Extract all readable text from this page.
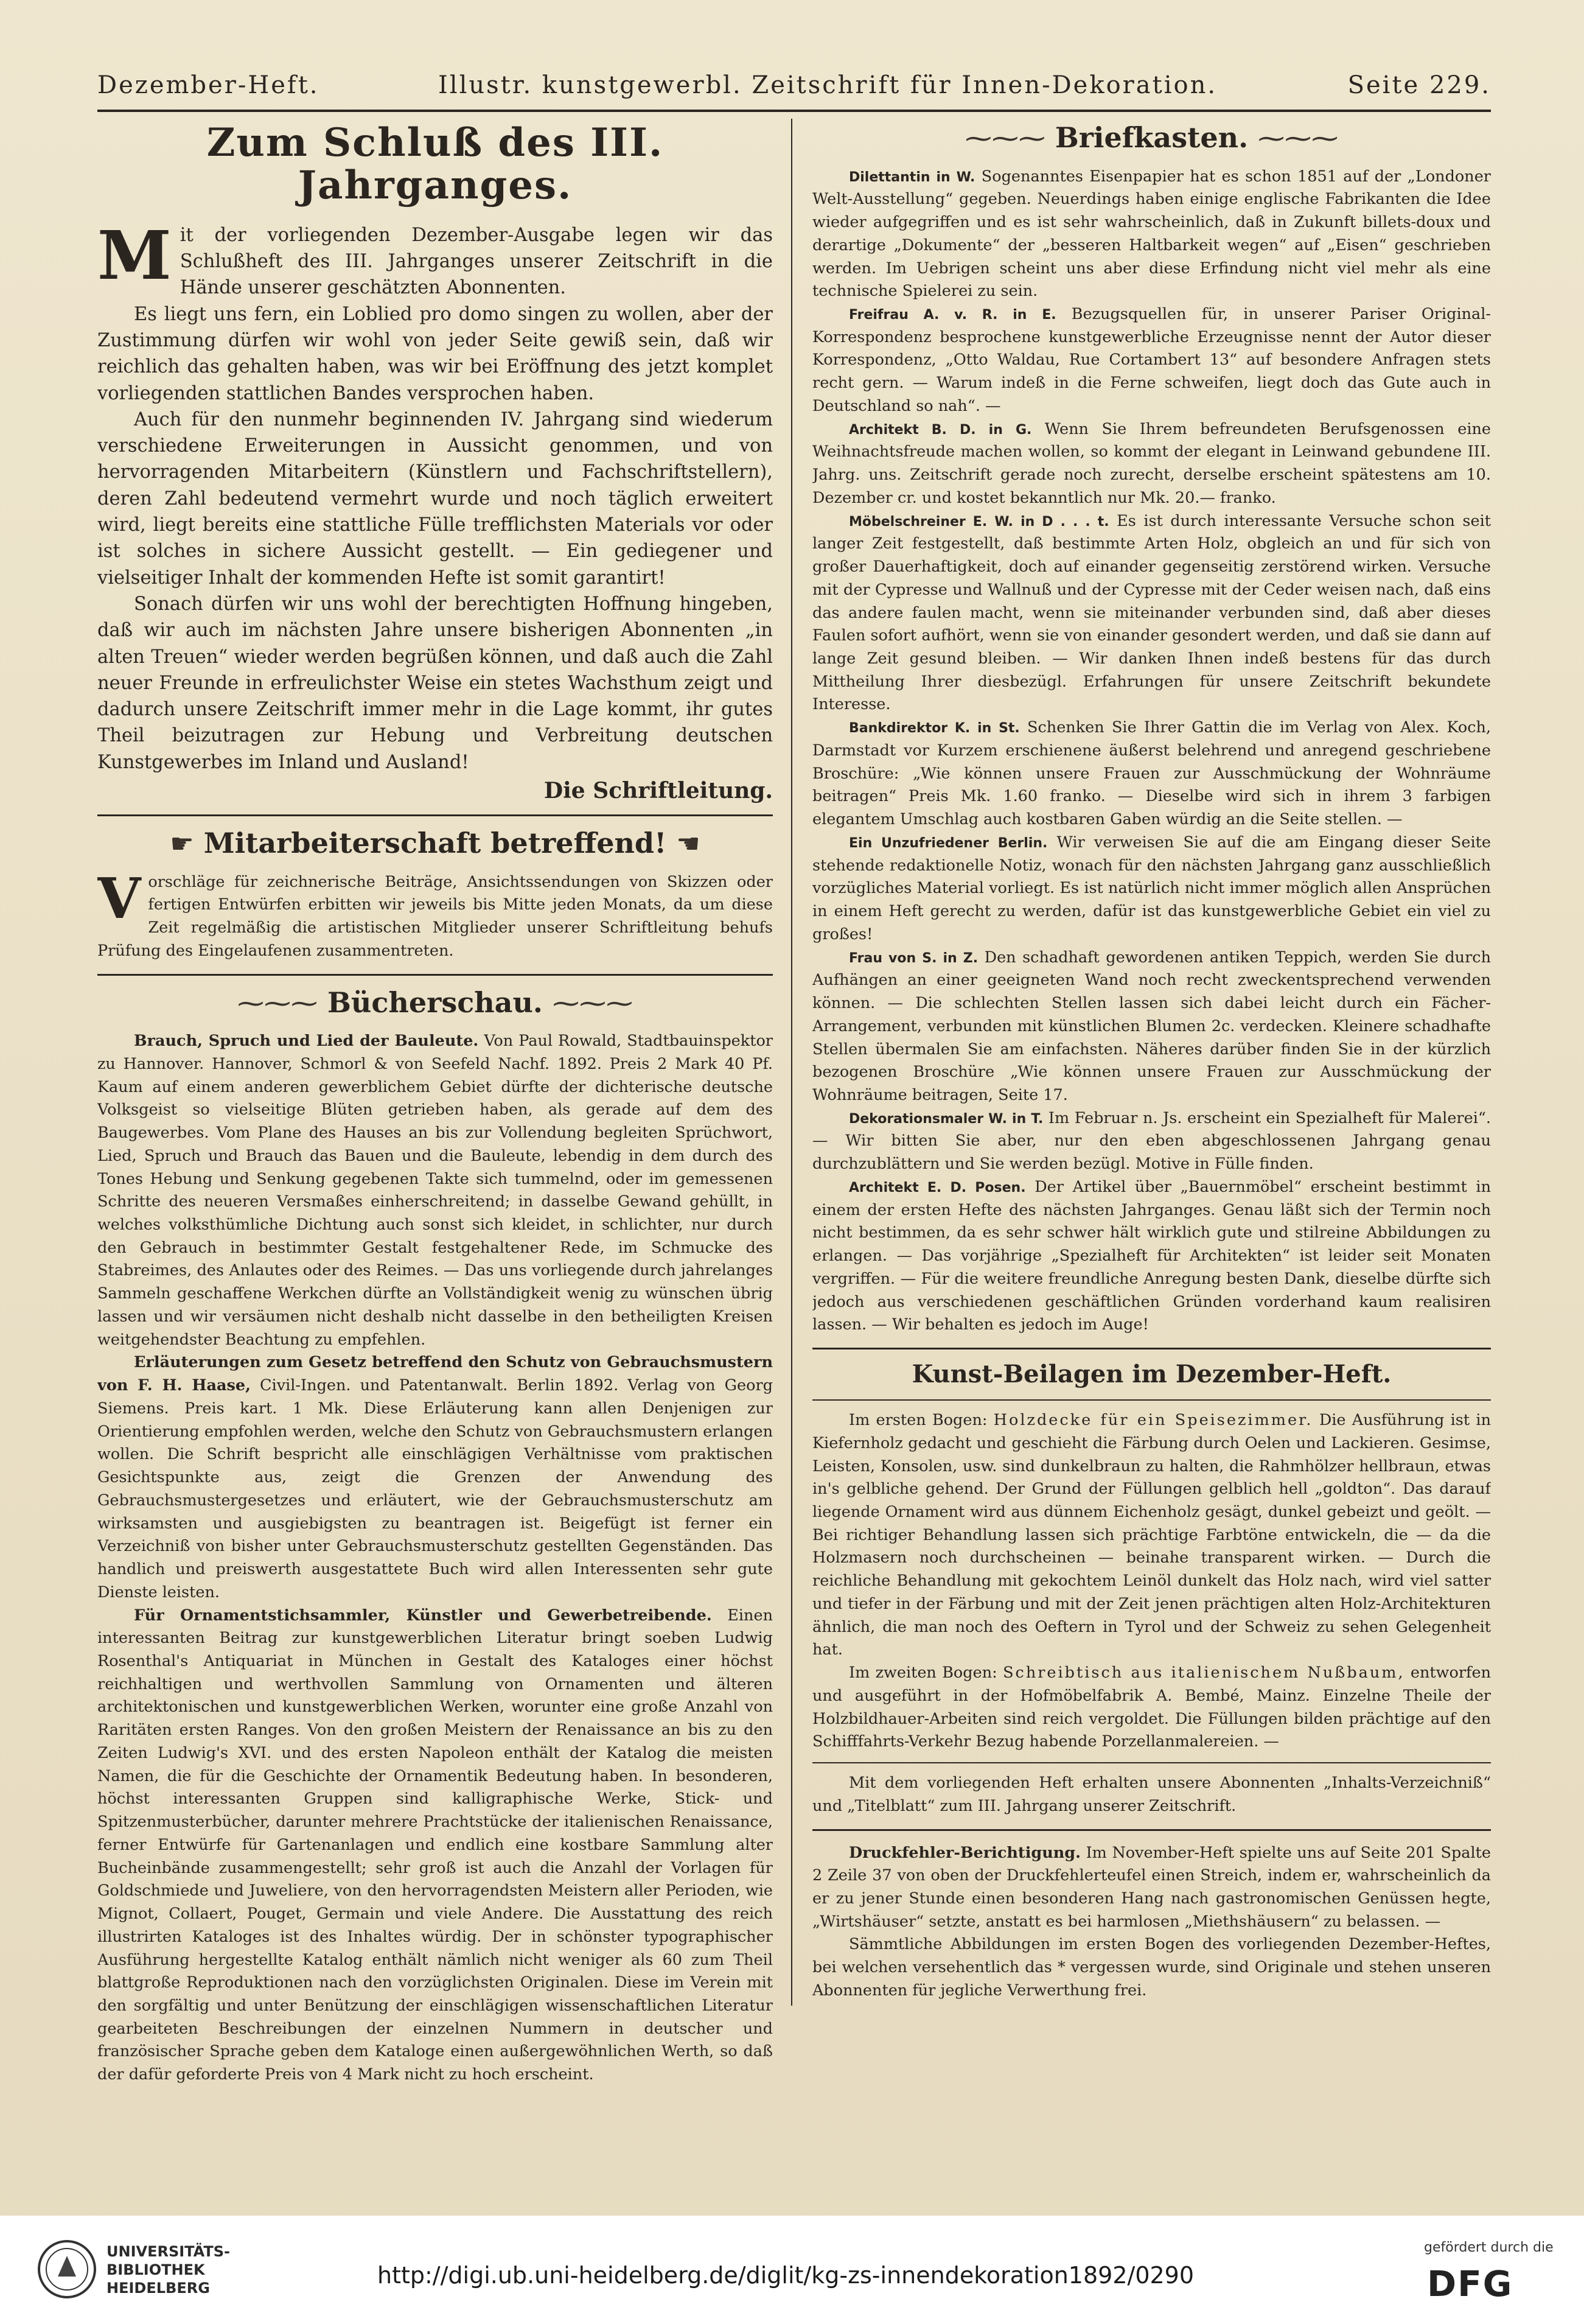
Dezember-Heft.	Illustr. kunstgewerbl. Zeitschrift für Innen-Dekoration.	Seite 229.
Zum Schluß des III. Jahrganges.

Mit der vorliegenden Dezember-Ausgabe legen wir das Schlußheft des III. Jahrganges unserer Zeitschrift in die Hände unserer geschätzten Abonnenten.

Es liegt uns fern, ein Loblied pro domo singen zu wollen, aber der Zustimmung dürfen wir wohl von jeder Seite gewiß sein, daß wir reichlich das gehalten haben, was wir bei Eröffnung des jetzt komplet vorliegenden stattlichen Bandes versprochen haben.

Auch für den nunmehr beginnenden IV. Jahrgang sind wiederum verschiedene Erweiterungen in Aussicht genommen, und von hervorragenden Mitarbeitern (Künstlern und Fachschriftstellern), deren Zahl bedeutend vermehrt wurde und noch täglich erweitert wird, liegt bereits eine stattliche Fülle trefflichsten Materials vor oder ist solches in sichere Aussicht gestellt. — Ein gediegener und vielseitiger Inhalt der kommenden Hefte ist somit garantirt!

Sonach dürfen wir uns wohl der berechtigten Hoffnung hingeben, daß wir auch im nächsten Jahre unsere bisherigen Abonnenten „in alten Treuen“ wieder werden begrüßen können, und daß auch die Zahl neuer Freunde in erfreulichster Weise ein stetes Wachsthum zeigt und dadurch unsere Zeitschrift immer mehr in die Lage kommt, ihr gutes Theil beizutragen zur Hebung und Verbreitung deutschen Kunstgewerbes im Inland und Ausland!

Die Schriftleitung.
☛ Mitarbeiterschaft betreffend! ☚

Vorschläge für zeichnerische Beiträge, Ansichtssendungen von Skizzen oder fertigen Entwürfen erbitten wir jeweils bis Mitte jeden Monats, da um diese Zeit regelmäßig die artistischen Mitglieder unserer Schriftleitung behufs Prüfung des Eingelaufenen zusammentreten.

⁓⁓⁓ Bücherschau. ⁓⁓⁓

Brauch, Spruch und Lied der Bauleute. Von Paul Rowald, Stadtbauinspektor zu Hannover. Hannover, Schmorl & von Seefeld Nachf. 1892. Preis 2 Mark 40 Pf. Kaum auf einem anderen gewerblichem Gebiet dürfte der dichterische deutsche Volksgeist so vielseitige Blüten getrieben haben, als gerade auf dem des Baugewerbes. Vom Plane des Hauses an bis zur Vollendung begleiten Sprüchwort, Lied, Spruch und Brauch das Bauen und die Bauleute, lebendig in dem durch des Tones Hebung und Senkung gegebenen Takte sich tummelnd, oder im gemessenen Schritte des neueren Versmaßes einherschreitend; in dasselbe Gewand gehüllt, in welches volksthümliche Dichtung auch sonst sich kleidet, in schlichter, nur durch den Gebrauch in bestimmter Gestalt festgehaltener Rede, im Schmucke des Stabreimes, des Anlautes oder des Reimes. — Das uns vorliegende durch jahrelanges Sammeln geschaffene Werkchen dürfte an Vollständigkeit wenig zu wünschen übrig lassen und wir versäumen nicht deshalb nicht dasselbe in den betheiligten Kreisen weitgehendster Beachtung zu empfehlen.

Erläuterungen zum Gesetz betreffend den Schutz von Gebrauchsmustern von F. H. Haase, Civil-Ingen. und Patentanwalt. Berlin 1892. Verlag von Georg Siemens. Preis kart. 1 Mk. Diese Erläuterung kann allen Denjenigen zur Orientierung empfohlen werden, welche den Schutz von Gebrauchsmustern erlangen wollen. Die Schrift bespricht alle einschlägigen Verhältnisse vom praktischen Gesichtspunkte aus, zeigt die Grenzen der Anwendung des Gebrauchsmustergesetzes und erläutert, wie der Gebrauchsmusterschutz am wirksamsten und ausgiebigsten zu beantragen ist. Beigefügt ist ferner ein Verzeichniß von bisher unter Gebrauchsmusterschutz gestellten Gegenständen. Das handlich und preiswerth ausgestattete Buch wird allen Interessenten sehr gute Dienste leisten.

Für Ornamentstichsammler, Künstler und Gewerbetreibende. Einen interessanten Beitrag zur kunstgewerblichen Literatur bringt soeben Ludwig Rosenthal's Antiquariat in München in Gestalt des Kataloges einer höchst reichhaltigen und werthvollen Sammlung von Ornamenten und älteren architektonischen und kunstgewerblichen Werken, worunter eine große Anzahl von Raritäten ersten Ranges. Von den großen Meistern der Renaissance an bis zu den Zeiten Ludwig's XVI. und des ersten Napoleon enthält der Katalog die meisten Namen, die für die Geschichte der Ornamentik Bedeutung haben. In besonderen, höchst interessanten Gruppen sind kalligraphische Werke, Stick- und Spitzenmusterbücher, darunter mehrere Prachtstücke der italienischen Renaissance, ferner Entwürfe für Gartenanlagen und endlich eine kostbare Sammlung alter Bucheinbände zusammengestellt; sehr groß ist auch die Anzahl der Vorlagen für Goldschmiede und Juweliere, von den hervorragendsten Meistern aller Perioden, wie Mignot, Collaert, Pouget, Germain und viele Andere. Die Ausstattung des reich illustrirten Kataloges ist des Inhaltes würdig. Der in schönster typographischer Ausführung hergestellte Katalog enthält nämlich nicht weniger als 60 zum Theil blattgroße Reproduktionen nach den vorzüglichsten Originalen. Diese im Verein mit den sorgfältig und unter Benützung der einschlägigen wissenschaftlichen Literatur gearbeiteten Beschreibungen der einzelnen Nummern in deutscher und französischer Sprache geben dem Kataloge einen außergewöhnlichen Werth, so daß der dafür geforderte Preis von 4 Mark nicht zu hoch erscheint.

⁓⁓⁓ Briefkasten. ⁓⁓⁓

Dilettantin in W. Sogenanntes Eisenpapier hat es schon 1851 auf der „Londoner Welt-Ausstellung“ gegeben. Neuerdings haben einige englische Fabrikanten die Idee wieder aufgegriffen und es ist sehr wahrscheinlich, daß in Zukunft billets-doux und derartige „Dokumente“ der „besseren Haltbarkeit wegen“ auf „Eisen“ geschrieben werden. Im Uebrigen scheint uns aber diese Erfindung nicht viel mehr als eine technische Spielerei zu sein.

Freifrau A. v. R. in E. Bezugsquellen für, in unserer Pariser Original-Korrespondenz besprochene kunstgewerbliche Erzeugnisse nennt der Autor dieser Korrespondenz, „Otto Waldau, Rue Cortambert 13“ auf besondere Anfragen stets recht gern. — Warum indeß in die Ferne schweifen, liegt doch das Gute auch in Deutschland so nah“. —

Architekt B. D. in G. Wenn Sie Ihrem befreundeten Berufsgenossen eine Weihnachtsfreude machen wollen, so kommt der elegant in Leinwand gebundene III. Jahrg. uns. Zeitschrift gerade noch zurecht, derselbe erscheint spätestens am 10. Dezember cr. und kostet bekanntlich nur Mk. 20.— franko.

Möbelschreiner E. W. in D . . . t. Es ist durch interessante Versuche schon seit langer Zeit festgestellt, daß bestimmte Arten Holz, obgleich an und für sich von großer Dauerhaftigkeit, doch auf einander gegenseitig zerstörend wirken. Versuche mit der Cypresse und Wallnuß und der Cypresse mit der Ceder weisen nach, daß eins das andere faulen macht, wenn sie miteinander verbunden sind, daß aber dieses Faulen sofort aufhört, wenn sie von einander gesondert werden, und daß sie dann auf lange Zeit gesund bleiben. — Wir danken Ihnen indeß bestens für das durch Mittheilung Ihrer diesbezügl. Erfahrungen für unsere Zeitschrift bekundete Interesse.

Bankdirektor K. in St. Schenken Sie Ihrer Gattin die im Verlag von Alex. Koch, Darmstadt vor Kurzem erschienene äußerst belehrend und anregend geschriebene Broschüre: „Wie können unsere Frauen zur Ausschmückung der Wohnräume beitragen“ Preis Mk. 1.60 franko. — Dieselbe wird sich in ihrem 3 farbigen elegantem Umschlag auch kostbaren Gaben würdig an die Seite stellen. —

Ein Unzufriedener Berlin. Wir verweisen Sie auf die am Eingang dieser Seite stehende redaktionelle Notiz, wonach für den nächsten Jahrgang ganz ausschließlich vorzügliches Material vorliegt. Es ist natürlich nicht immer möglich allen Ansprüchen in einem Heft gerecht zu werden, dafür ist das kunstgewerbliche Gebiet ein viel zu großes!

Frau von S. in Z. Den schadhaft gewordenen antiken Teppich, werden Sie durch Aufhängen an einer geeigneten Wand noch recht zweckentsprechend verwenden können. — Die schlechten Stellen lassen sich dabei leicht durch ein Fächer-Arrangement, verbunden mit künstlichen Blumen 2c. verdecken. Kleinere schadhafte Stellen übermalen Sie am einfachsten. Näheres darüber finden Sie in der kürzlich bezogenen Broschüre „Wie können unsere Frauen zur Ausschmückung der Wohnräume beitragen, Seite 17.

Dekorationsmaler W. in T. Im Februar n. Js. erscheint ein Spezialheft für Malerei“. — Wir bitten Sie aber, nur den eben abgeschlossenen Jahrgang genau durchzublättern und Sie werden bezügl. Motive in Fülle finden.

Architekt E. D. Posen. Der Artikel über „Bauernmöbel“ erscheint bestimmt in einem der ersten Hefte des nächsten Jahrganges. Genau läßt sich der Termin noch nicht bestimmen, da es sehr schwer hält wirklich gute und stilreine Abbildungen zu erlangen. — Das vorjährige „Spezialheft für Architekten“ ist leider seit Monaten vergriffen. — Für die weitere freundliche Anregung besten Dank, dieselbe dürfte sich jedoch aus verschiedenen geschäftlichen Gründen vorderhand kaum realisiren lassen. — Wir behalten es jedoch im Auge!

Kunst-Beilagen im Dezember-Heft.

Im ersten Bogen: Holzdecke für ein Speisezimmer. Die Ausführung ist in Kiefernholz gedacht und geschieht die Färbung durch Oelen und Lackieren. Gesimse, Leisten, Konsolen, usw. sind dunkelbraun zu halten, die Rahmhölzer hellbraun, etwas in's gelbliche gehend. Der Grund der Füllungen gelblich hell „goldton“. Das darauf liegende Ornament wird aus dünnem Eichenholz gesägt, dunkel gebeizt und geölt. — Bei richtiger Behandlung lassen sich prächtige Farbtöne entwickeln, die — da die Holzmasern noch durchscheinen — beinahe transparent wirken. — Durch die reichliche Behandlung mit gekochtem Leinöl dunkelt das Holz nach, wird viel satter und tiefer in der Färbung und mit der Zeit jenen prächtigen alten Holz-Architekturen ähnlich, die man noch des Oeftern in Tyrol und der Schweiz zu sehen Gelegenheit hat.

Im zweiten Bogen: Schreibtisch aus italienischem Nußbaum, entworfen und ausgeführt in der Hofmöbelfabrik A. Bembé, Mainz. Einzelne Theile der Holzbildhauer-Arbeiten sind reich vergoldet. Die Füllungen bilden prächtige auf den Schifffahrts-Verkehr Bezug habende Porzellanmalereien. —

Mit dem vorliegenden Heft erhalten unsere Abonnenten „Inhalts-Verzeichniß“ und „Titelblatt“ zum III. Jahrgang unserer Zeitschrift.

Druckfehler-Berichtigung. Im November-Heft spielte uns auf Seite 201 Spalte 2 Zeile 37 von oben der Druckfehlerteufel einen Streich, indem er, wahrscheinlich da er zu jener Stunde einen besonderen Hang nach gastronomischen Genüssen hegte, „Wirtshäuser“ setzte, anstatt es bei harmlosen „Miethshäusern“ zu belassen. —

Sämmtliche Abbildungen im ersten Bogen des vorliegenden Dezember-Heftes, bei welchen versehentlich das * vergessen wurde, sind Originale und stehen unseren Abonnenten für jegliche Verwerthung frei.

UNIVERSITÄTS-
BIBLIOTHEK
HEIDELBERG	http://digi.ub.uni-heidelberg.de/diglit/kg-zs-innendekoration1892/0290
gefördert durch die
DFG
